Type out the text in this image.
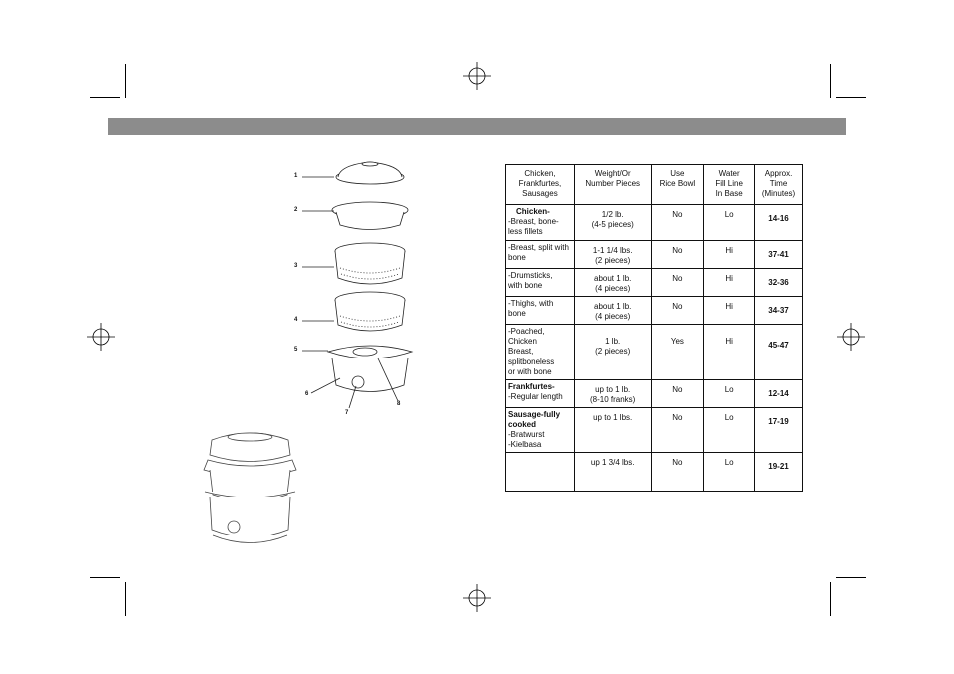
1
2
3
4
5
6
7
8
Chicken,
Frankfurtes,
Sausages	Weight/Or
Number Pieces	Use
Rice Bowl	Water
Fill Line
In Base	Approx.
Time
(Minutes)

Chicken-
-Breast, bone-
less fillets	1/2 lb.
(4-5 pieces)	No	Lo	14-16
-Breast, split with
bone	1-1 1/4 lbs.
(2 pieces)	No	Hi	37-41
-Drumsticks,
with bone	about 1 lb.
(4 pieces)	No	Hi	32-36
-Thighs, with
bone	about 1 lb.
(4 pieces)	No	Hi	34-37
-Poached,
Chicken
Breast,
splitboneless
or with bone	1 lb.
(2 pieces)	Yes	Hi	45-47

Frankfurtes-
-Regular length	up to 1 lb.
(8-10 franks)	No	Lo	12-14

Sausage-fully
cooked
-Bratwurst
-Kielbasa	up to 1 lbs.	No	Lo	17-19
	up 1 3/4 lbs.	No	Lo	19-21
